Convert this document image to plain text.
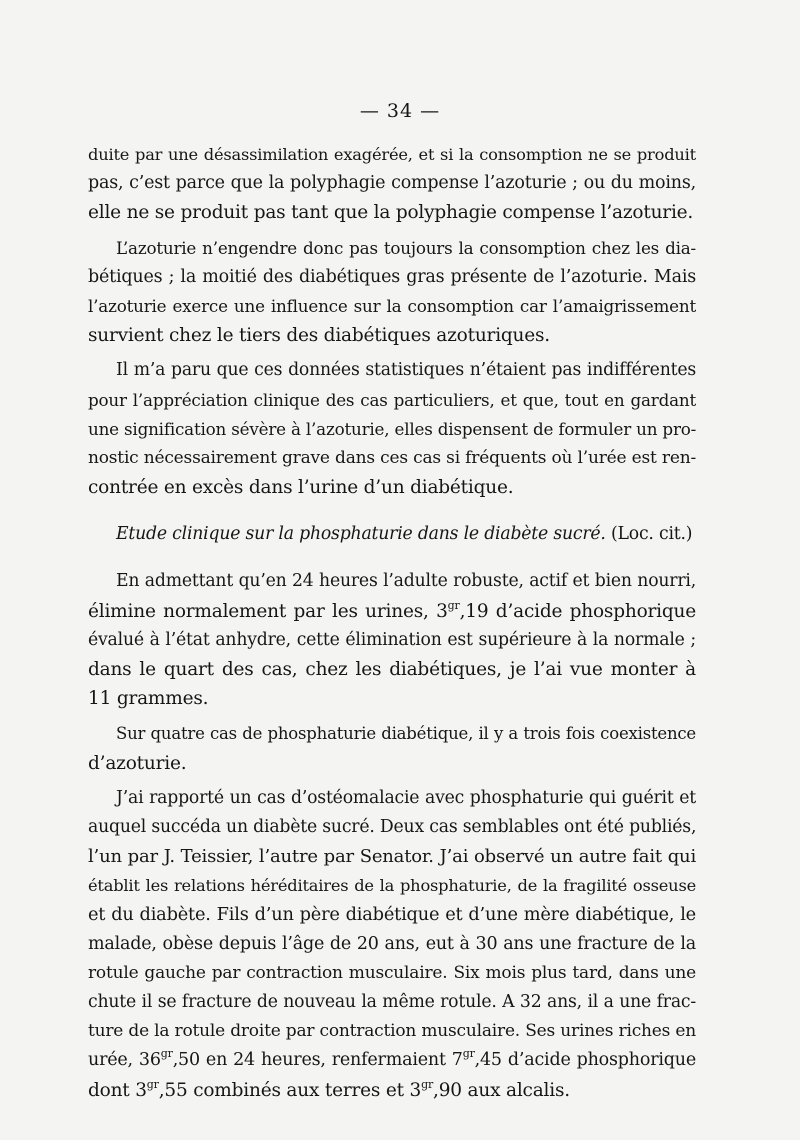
— 34 —
duite par une désassimilation exagérée, et si la consomption ne se produit
pas, c’est parce que la polyphagie compense l’azoturie ; ou du moins,
elle ne se produit pas tant que la polyphagie compense l’azoturie.
L’azoturie n’engendre donc pas toujours la consomption chez les dia-
bétiques ; la moitié des diabétiques gras présente de l’azoturie. Mais
l’azoturie exerce une influence sur la consomption car l’amaigrissement
survient chez le tiers des diabétiques azoturiques.
Il m’a paru que ces données statistiques n’étaient pas indifférentes
pour l’appréciation clinique des cas particuliers, et que, tout en gardant
une signification sévère à l’azoturie, elles dispensent de formuler un pro-
nostic nécessairement grave dans ces cas si fréquents où l’urée est ren-
contrée en excès dans l’urine d’un diabétique.
Etude clinique sur la phosphaturie dans le diabète sucré. (Loc. cit.)
En admettant qu’en 24 heures l’adulte robuste, actif et bien nourri,
élimine normalement par les urines, $3^{gr},19$ d’acide phosphorique
évalué à l’état anhydre, cette élimination est supérieure à la normale ;
dans le quart des cas, chez les diabétiques, je l’ai vue monter à
11 grammes.
Sur quatre cas de phosphaturie diabétique, il y a trois fois coexistence
d’azoturie.
J’ai rapporté un cas d’ostéomalacie avec phosphaturie qui guérit et
auquel succéda un diabète sucré. Deux cas semblables ont été publiés,
l’un par J. Teissier, l’autre par Senator. J’ai observé un autre fait qui
établit les relations héréditaires de la phosphaturie, de la fragilité osseuse
et du diabète. Fils d’un père diabétique et d’une mère diabétique, le
malade, obèse depuis l’âge de 20 ans, eut à 30 ans une fracture de la
rotule gauche par contraction musculaire. Six mois plus tard, dans une
chute il se fracture de nouveau la même rotule. A 32 ans, il a une frac-
ture de la rotule droite par contraction musculaire. Ses urines riches en
urée, $36^{gr},50$ en 24 heures, renfermaient $7^{gr},45$ d’acide phosphorique
dont $3^{gr},55$ combinés aux terres et $3^{gr},90$ aux alcalis.
